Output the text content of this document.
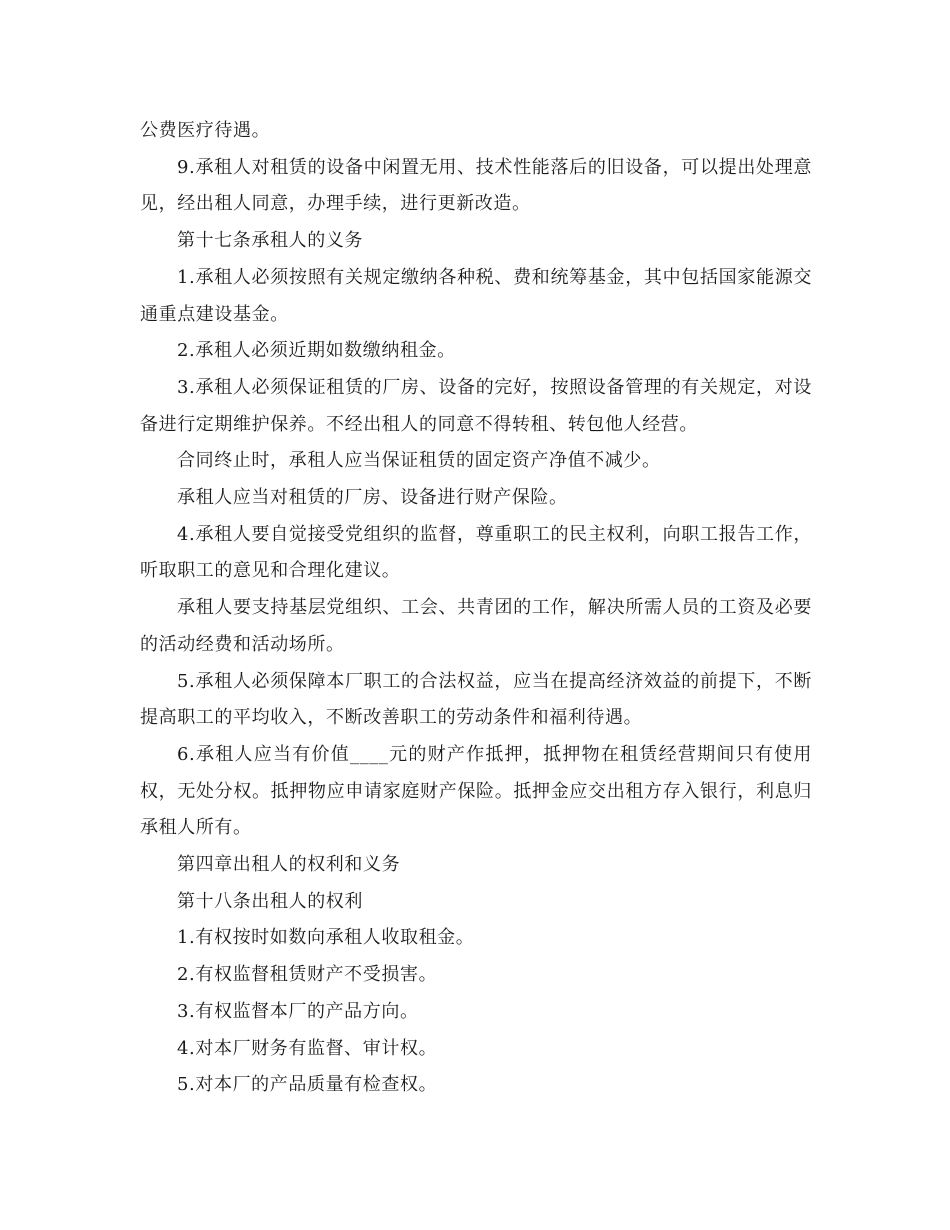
公费医疗待遇。

9.承租人对租赁的设备中闲置无用、技术性能落后的旧设备，可以提出处理意见，经出租人同意，办理手续，进行更新改造。

第十七条承租人的义务

1.承租人必须按照有关规定缴纳各种税、费和统筹基金，其中包括国家能源交通重点建设基金。

2.承租人必须近期如数缴纳租金。

3.承租人必须保证租赁的厂房、设备的完好，按照设备管理的有关规定，对设备进行定期维护保养。不经出租人的同意不得转租、转包他人经营。

合同终止时，承租人应当保证租赁的固定资产净值不减少。

承租人应当对租赁的厂房、设备进行财产保险。

4.承租人要自觉接受党组织的监督，尊重职工的民主权利，向职工报告工作，听取职工的意见和合理化建议。

承租人要支持基层党组织、工会、共青团的工作，解决所需人员的工资及必要的活动经费和活动场所。

5.承租人必须保障本厂职工的合法权益，应当在提高经济效益的前提下，不断提高职工的平均收入，不断改善职工的劳动条件和福利待遇。

6.承租人应当有价值____元的财产作抵押，抵押物在租赁经营期间只有使用权，无处分权。抵押物应申请家庭财产保险。抵押金应交出租方存入银行，利息归承租人所有。

第四章出租人的权利和义务

第十八条出租人的权利

1.有权按时如数向承租人收取租金。

2.有权监督租赁财产不受损害。

3.有权监督本厂的产品方向。

4.对本厂财务有监督、审计权。

5.对本厂的产品质量有检查权。
